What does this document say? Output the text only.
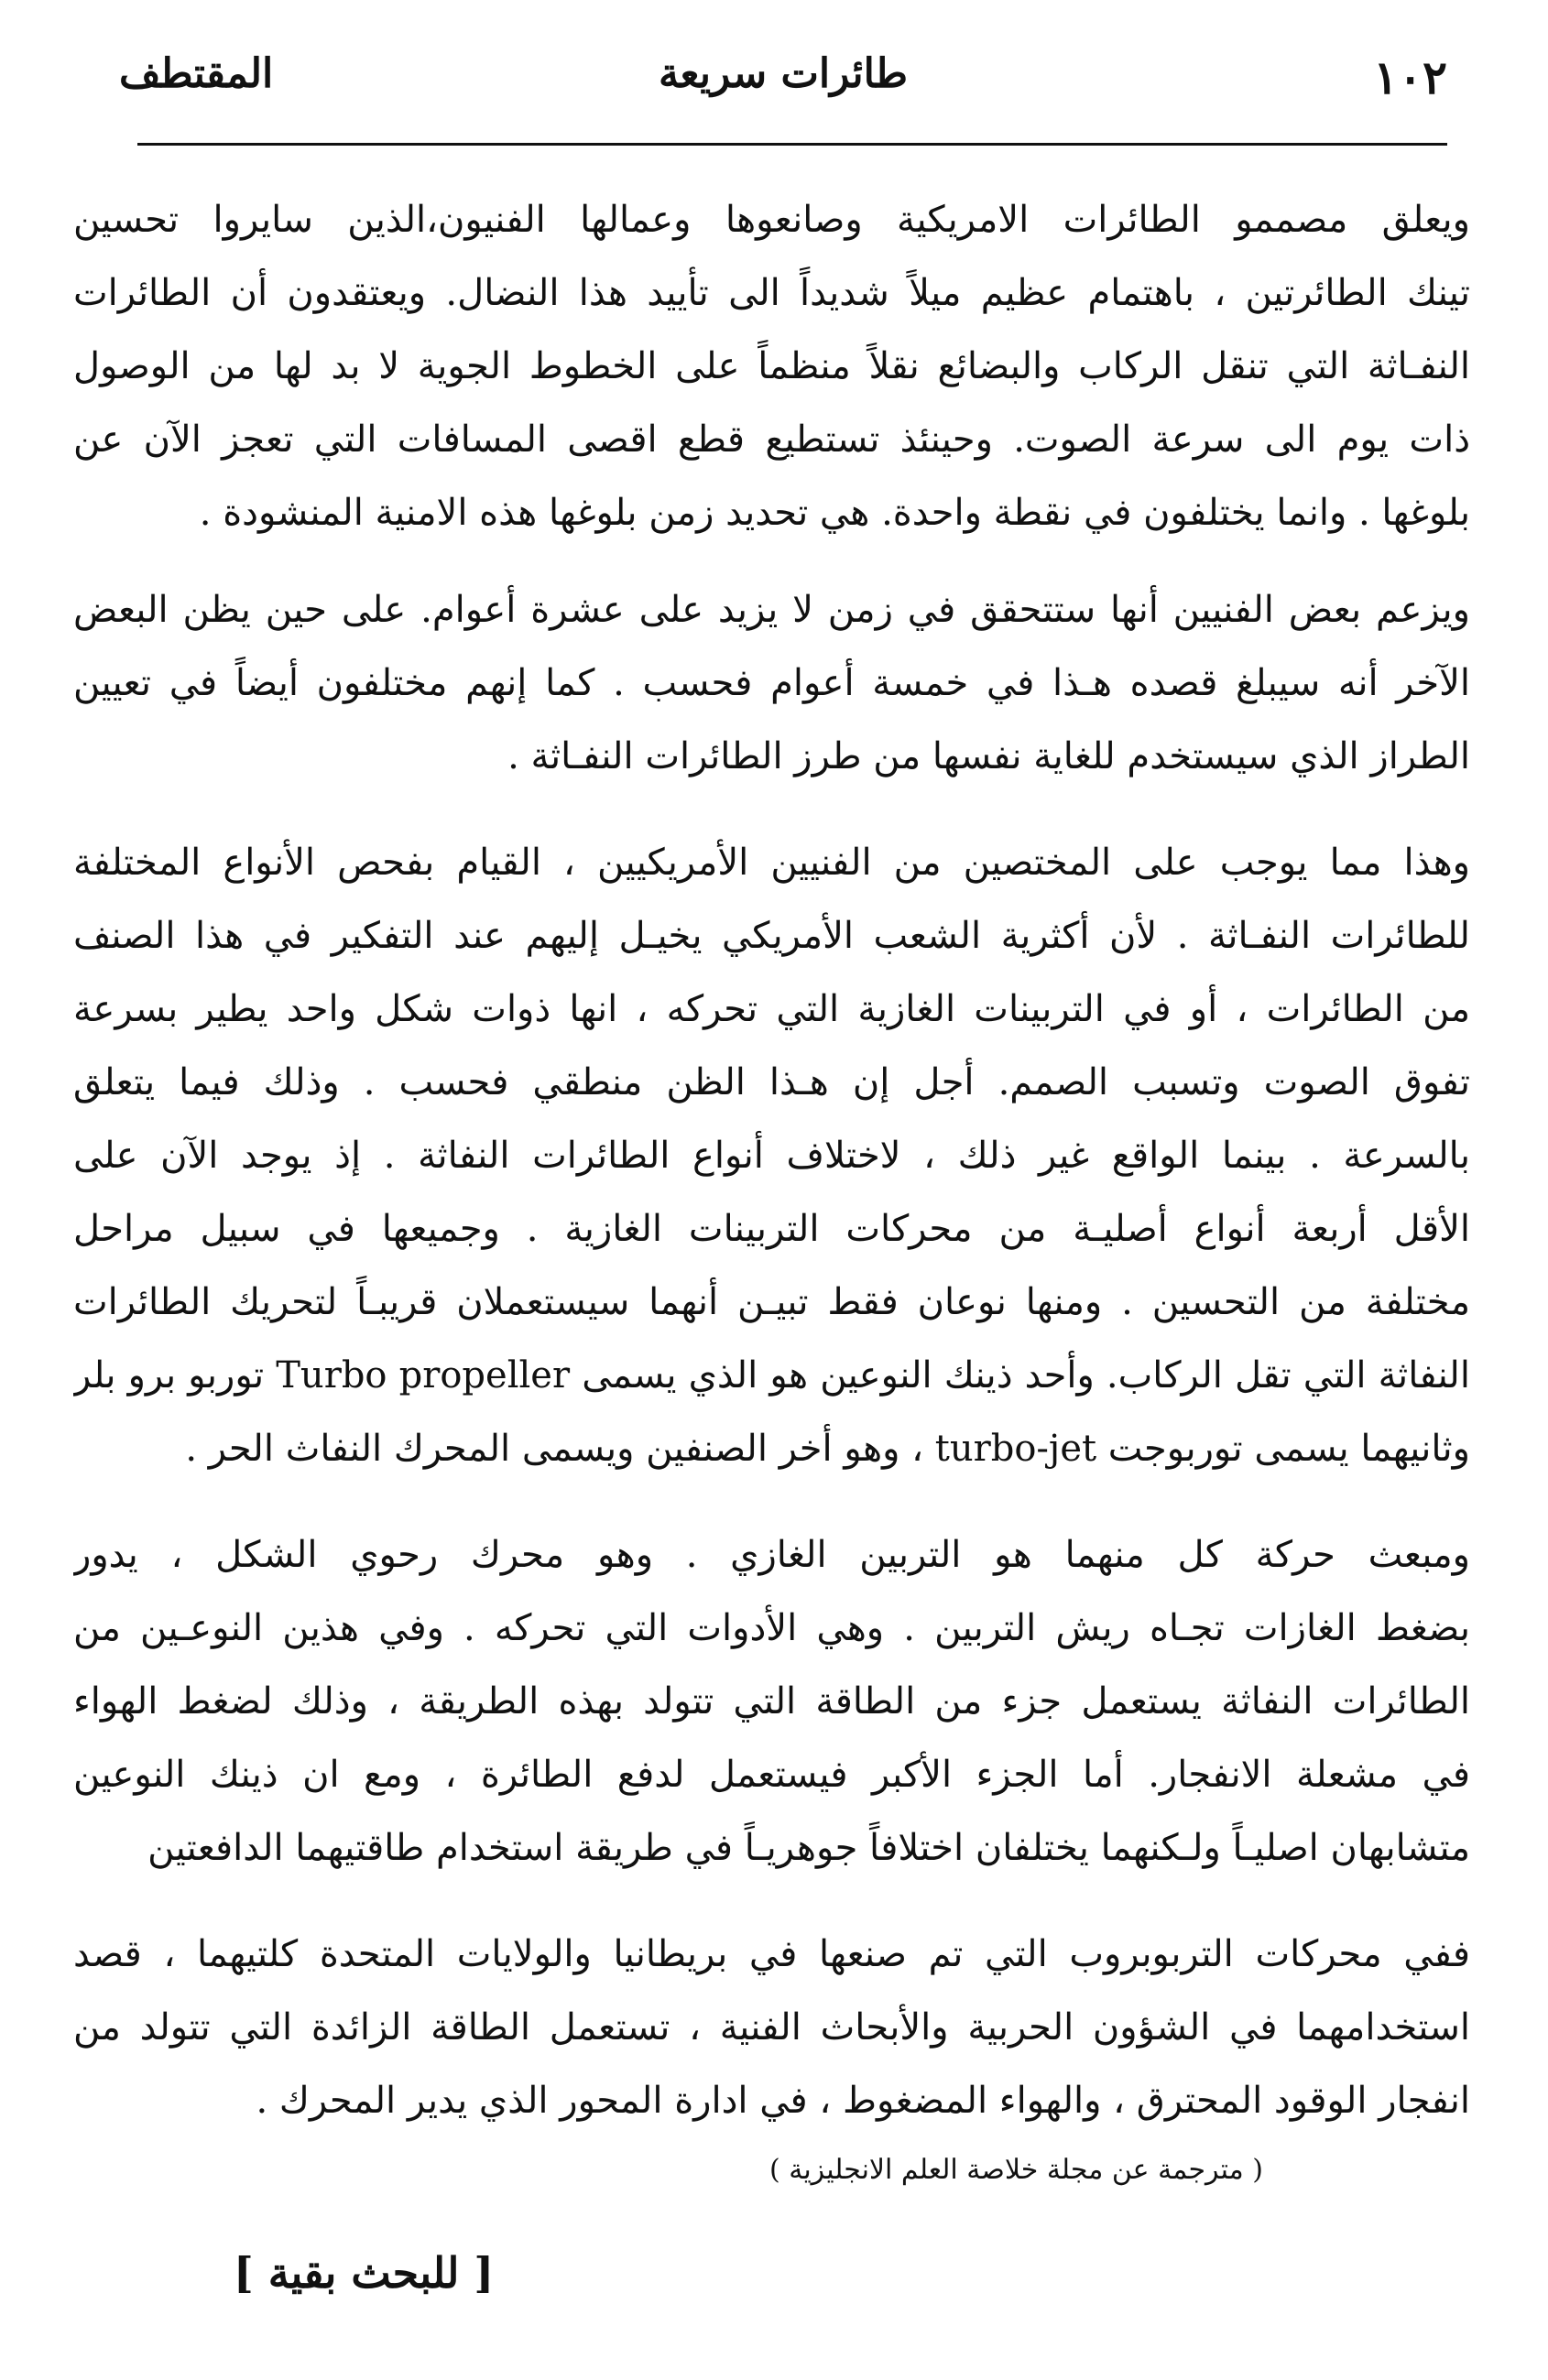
١٠٢
طائرات سريعة
المقتطف
ويعلق مصممو الطائرات الامريكية وصانعوها وعمالها الفنيون،الذين سايروا تحسين
تينك الطائرتين ، باهتمام عظيم ميلاً شديداً الى تأييد هذا النضال. ويعتقدون أن الطائرات
النفـاثة التي تنقل الركاب والبضائع نقلاً منظماً على الخطوط الجوية لا بد لها من الوصول
ذات يوم الى سرعة الصوت. وحينئذ تستطيع قطع اقصى المسافات التي تعجز الآن عن
بلوغها . وانما يختلفون في نقطة واحدة. هي تحديد زمن بلوغها هذه الامنية المنشودة .
ويزعم بعض الفنيين أنها ستتحقق في زمن لا يزيد على عشرة أعوام. على حين يظن البعض
الآخر أنه سيبلغ قصده هـذا في خمسة أعوام فحسب . كما إنهم مختلفون أيضاً في تعيين
الطراز الذي سيستخدم للغاية نفسها من طرز الطائرات النفـاثة .
وهذا مما يوجب على المختصين من الفنيين الأمريكيين ، القيام بفحص الأنواع المختلفة
للطائرات النفـاثة . لأن أكثرية الشعب الأمريكي يخيـل إليهم عند التفكير في هذا الصنف
من الطائرات ، أو في التربينات الغازية التي تحركه ، انها ذوات شكل واحد يطير بسرعة
تفوق الصوت وتسبب الصمم. أجل إن هـذا الظن منطقي فحسب . وذلك فيما يتعلق
بالسرعة . بينما الواقع غير ذلك ، لاختلاف أنواع الطائرات النفاثة . إذ يوجد الآن على
الأقل أربعة أنواع أصليـة من محركات التربينات الغازية . وجميعها في سبيل مراحل
مختلفة من التحسين . ومنها نوعان فقط تبيـن أنهما سيستعملان قريبـاً لتحريك الطائرات
النفاثة التي تقل الركاب. وأحد ذينك النوعين هو الذي يسمى Turbo propeller توربو برو بلر
وثانيهما يسمى توربوجت turbo-jet ، وهو أخر الصنفين ويسمى المحرك النفاث الحر .
ومبعث حركة كل منهما هو التربين الغازي . وهو محرك رحوي الشكل ، يدور
بضغط الغازات تجـاه ريش التربين . وهي الأدوات التي تحركه . وفي هذين النوعـين من
الطائرات النفاثة يستعمل جزء من الطاقة التي تتولد بهذه الطريقة ، وذلك لضغط الهواء
في مشعلة الانفجار. أما الجزء الأكبر فيستعمل لدفع الطائرة ، ومع ان ذينك النوعين
متشابهان اصليـاً ولـكنهما يختلفان اختلافاً جوهريـاً في طريقة استخدام طاقتيهما الدافعتين
ففي محركات التربوبروب التي تم صنعها في بريطانيا والولايات المتحدة كلتيهما ، قصد
استخدامهما في الشؤون الحربية والأبحاث الفنية ، تستعمل الطاقة الزائدة التي تتولد من
انفجار الوقود المحترق ، والهواء المضغوط ، في ادارة المحور الذي يدير المحرك .
( مترجمة عن مجلة خلاصة العلم الانجليزية )
[ للبحث بقية ]
